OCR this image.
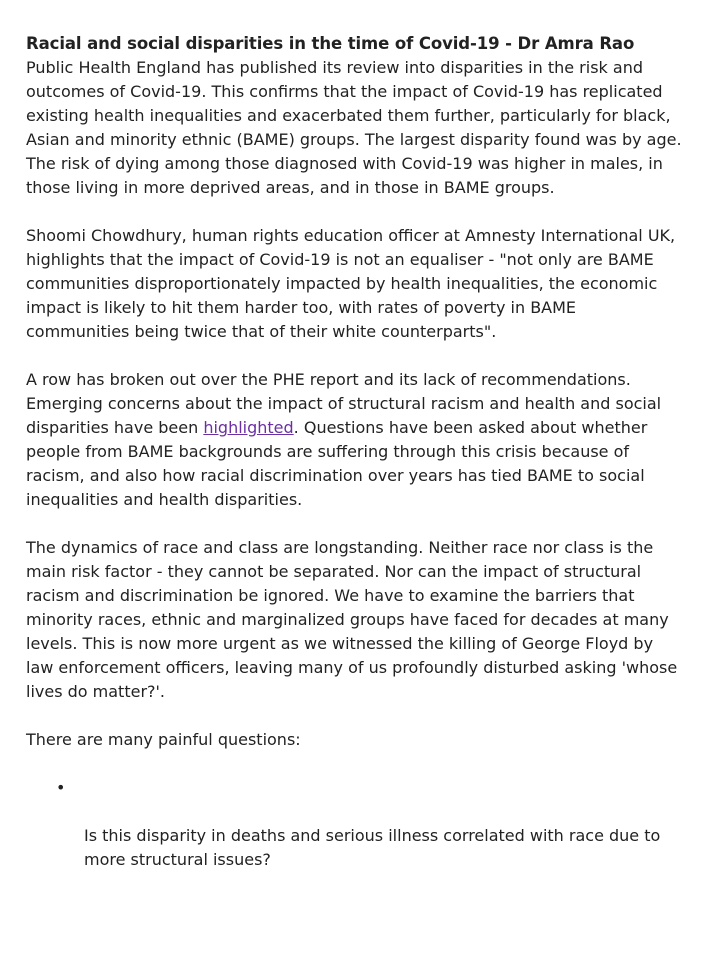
Racial and social disparities in the time of Covid-19 - Dr Amra Rao

Public Health England has published its review into disparities in the risk and
outcomes of Covid-19. This confirms that the impact of Covid-19 has replicated
existing health inequalities and exacerbated them further, particularly for black,
Asian and minority ethnic (BAME) groups. The largest disparity found was by age.
The risk of dying among those diagnosed with Covid-19 was higher in males, in
those living in more deprived areas, and in those in BAME groups.

Shoomi Chowdhury, human rights education officer at Amnesty International UK,
highlights that the impact of Covid-19 is not an equaliser - "not only are BAME
communities disproportionately impacted by health inequalities, the economic
impact is likely to hit them harder too, with rates of poverty in BAME
communities being twice that of their white counterparts".

A row has broken out over the PHE report and its lack of recommendations.
Emerging concerns about the impact of structural racism and health and social
disparities have been highlighted. Questions have been asked about whether
people from BAME backgrounds are suffering through this crisis because of
racism, and also how racial discrimination over years has tied BAME to social
inequalities and health disparities.

The dynamics of race and class are longstanding. Neither race nor class is the
main risk factor - they cannot be separated. Nor can the impact of structural
racism and discrimination be ignored. We have to examine the barriers that
minority races, ethnic and marginalized groups have faced for decades at many
levels. This is now more urgent as we witnessed the killing of George Floyd by
law enforcement officers, leaving many of us profoundly disturbed asking 'whose
lives do matter?'.

There are many painful questions:

•

Is this disparity in deaths and serious illness correlated with race due to
more structural issues?
